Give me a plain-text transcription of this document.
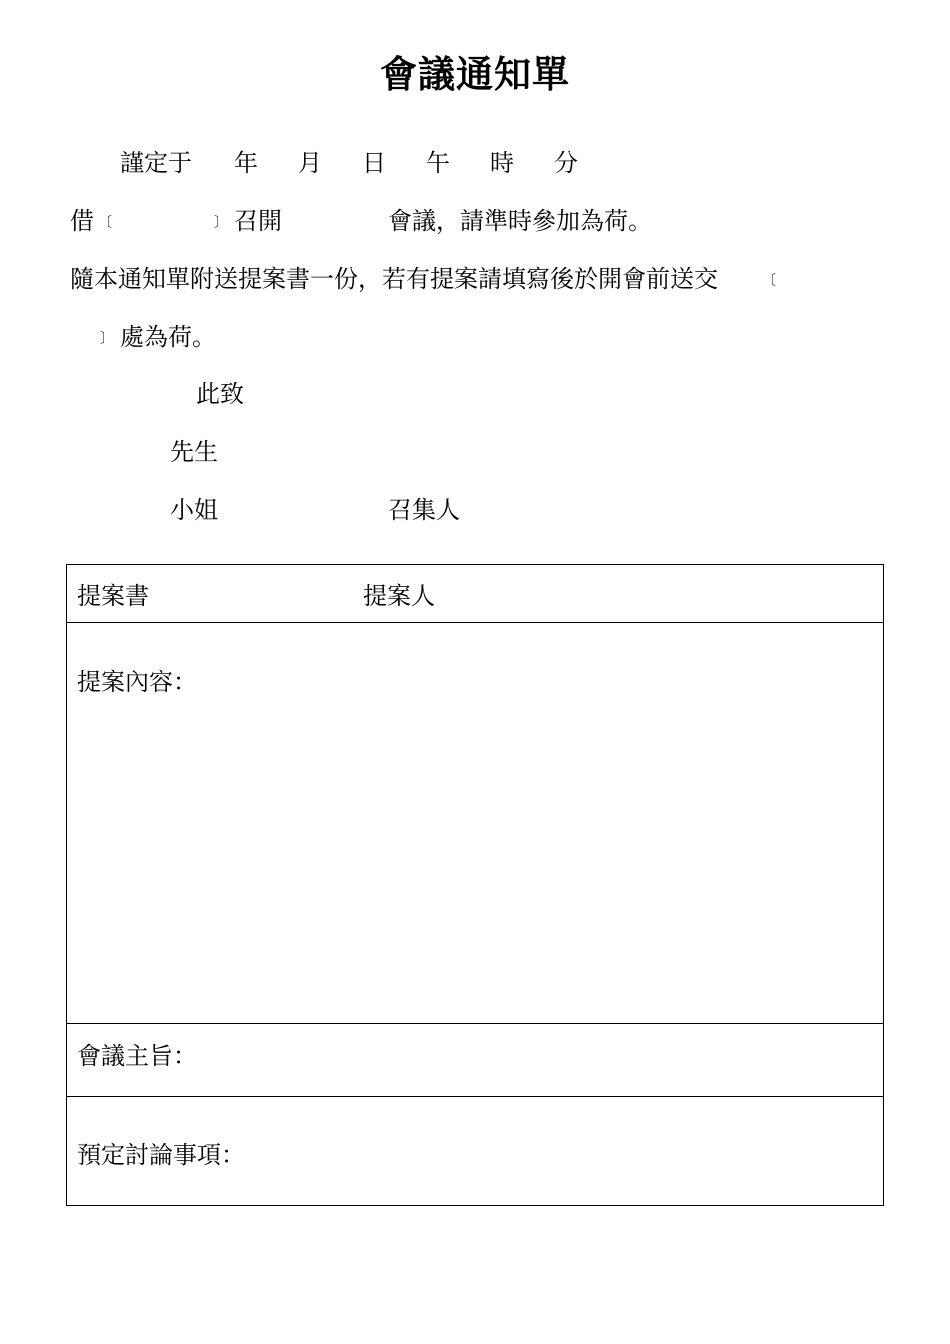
會議通知單
謹定于 年 月 日 午 時 分
借 〔	〕 召開	會議，請準時參加為荷。
隨本通知單附送提案書一份，若有提案請填寫後於開會前送交	〔
〕 處為荷。
此致
先生
小姐	召集人
提案書	提案人
提案內容：
會議主旨：
預定討論事項：
